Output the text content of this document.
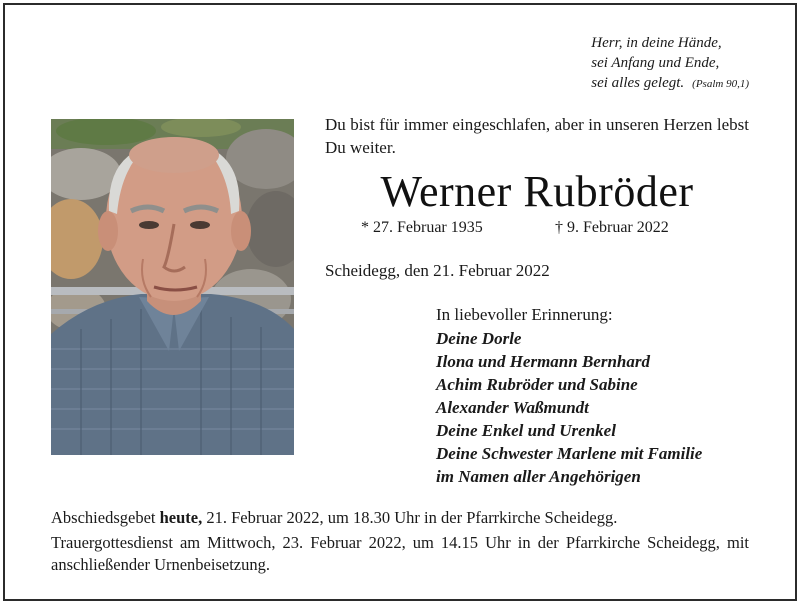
Herr, in deine Hände,
sei Anfang und Ende,
sei alles gelegt. (Psalm 90,1)
Du bist für immer eingeschlafen, aber in unseren Herzen lebst Du weiter.
Werner Rubröder
* 27. Februar 1935	† 9. Februar 2022
Scheidegg, den 21. Februar 2022
In liebevoller Erinnerung:
Deine Dorle
Ilona und Hermann Bernhard
Achim Rubröder und Sabine
Alexander Waßmundt
Deine Enkel und Urenkel
Deine Schwester Marlene mit Familie
im Namen aller Angehörigen

Abschiedsgebet heute, 21. Februar 2022, um 18.30 Uhr in der Pfarrkirche Scheidegg.

Trauergottesdienst am Mittwoch, 23. Februar 2022, um 14.15 Uhr in der Pfarrkirche Scheidegg, mit anschließender Urnenbeisetzung.
